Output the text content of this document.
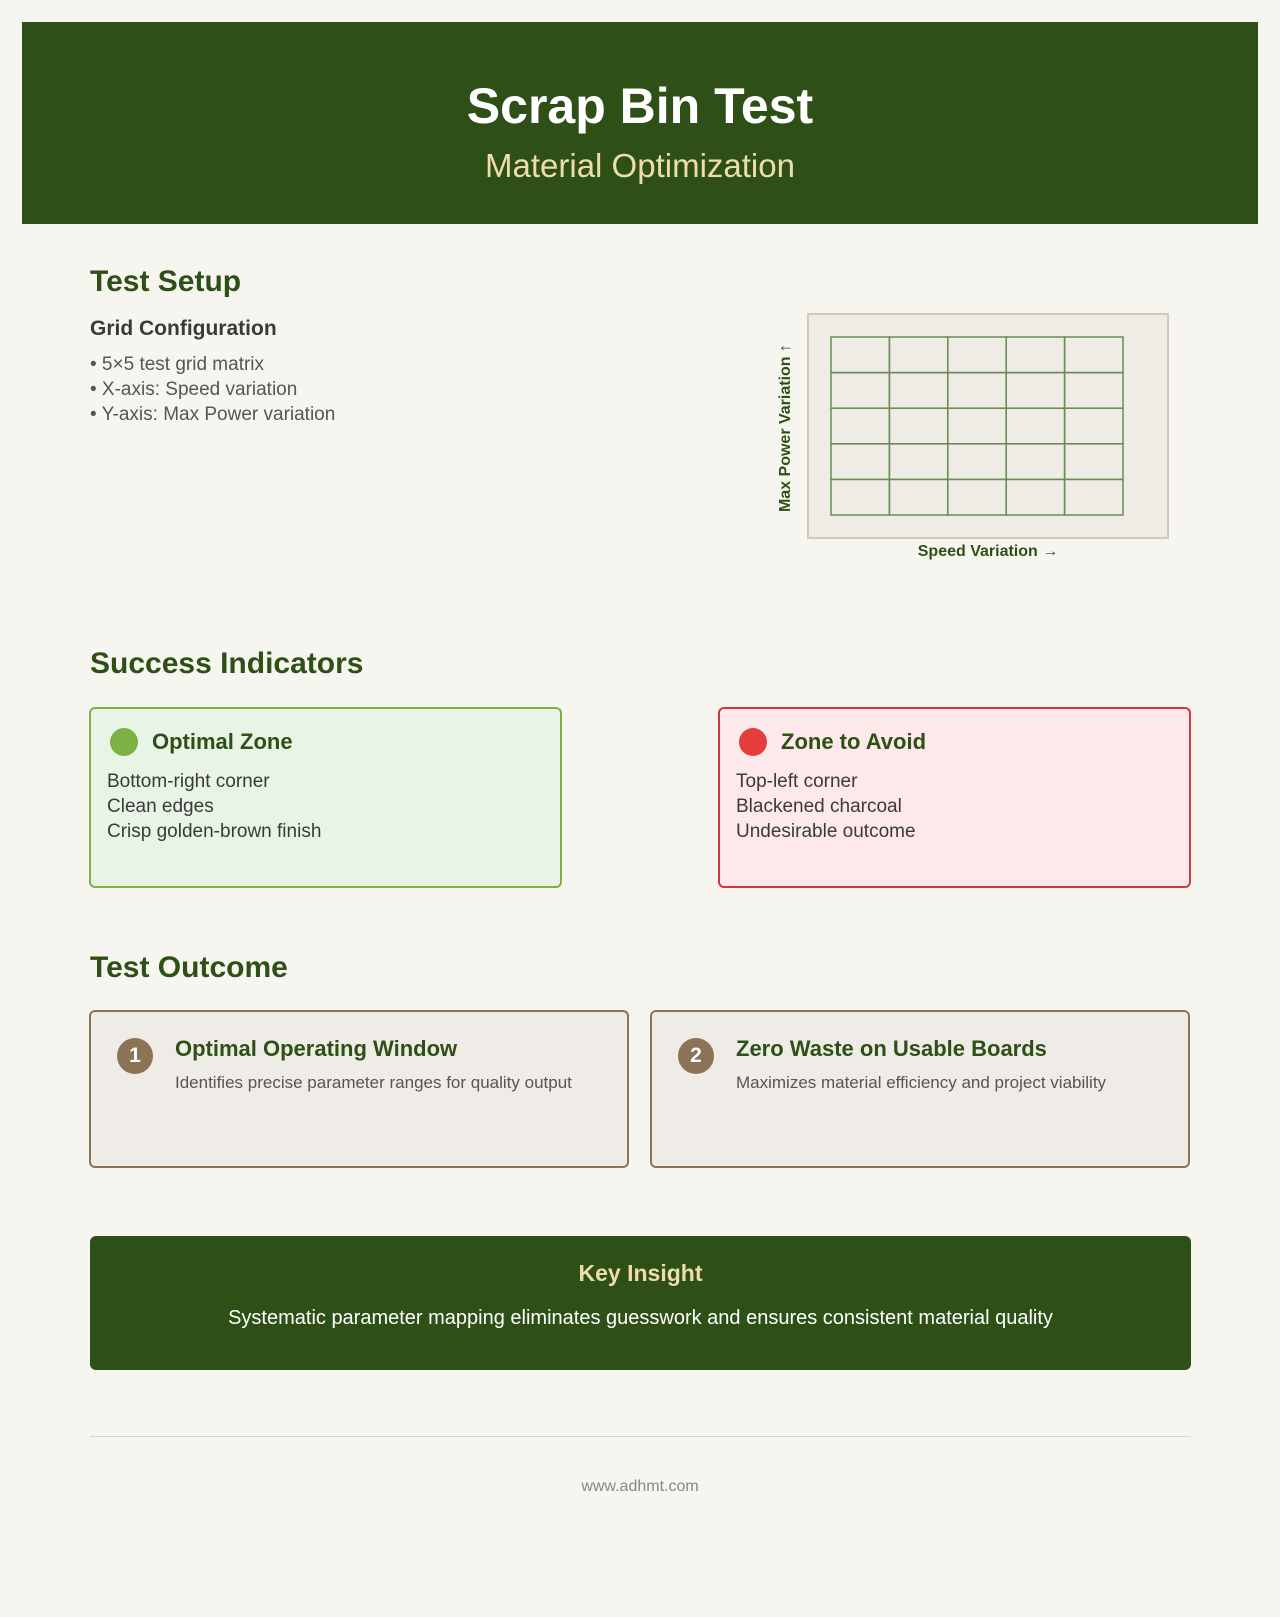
Scrap Bin Test
Material Optimization
Test Setup
Grid Configuration
• 5×5 test grid matrix
• X-axis: Speed variation
• Y-axis: Max Power variation	Max Power Variation ↑
Speed Variation →
Success Indicators
Optimal Zone
Bottom-right corner
Clean edges
Crisp golden-brown finish
Zone to Avoid
Top-left corner
Blackened charcoal
Undesirable outcome
Test Outcome
1	Optimal Operating Window
Identifies precise parameter ranges for quality output
2	Zero Waste on Usable Boards
Maximizes material efficiency and project viability
Key Insight
Systematic parameter mapping eliminates guesswork and ensures consistent material quality
www.adhmt.com
